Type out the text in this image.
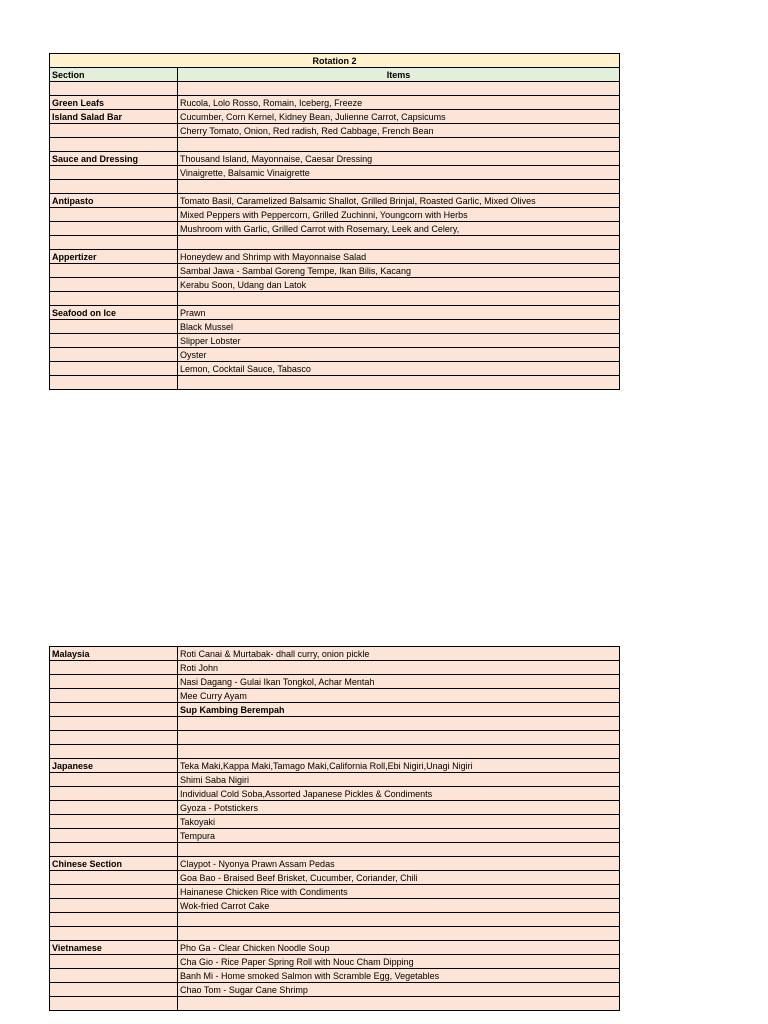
Rotation 2	
Section	Items

Green Leafs	Rucola, Lolo Rosso, Romain, Iceberg, Freeze
Island Salad Bar	Cucumber, Corn Kernel, Kidney Bean, Julienne Carrot, Capsicums
	Cherry Tomato, Onion, Red radish, Red Cabbage, French Bean

Sauce and Dressing	Thousand Island, Mayonnaise, Caesar Dressing
	Vinaigrette, Balsamic Vinaigrette

Antipasto	Tomato Basil, Caramelized Balsamic Shallot, Grilled Brinjal, Roasted Garlic, Mixed Olives
	Mixed Peppers with Peppercorn, Grilled Zuchinni, Youngcorn with Herbs
	Mushroom with Garlic, Grilled Carrot with Rosemary, Leek and Celery,

Appertizer	Honeydew and Shrimp with Mayonnaise Salad
	Sambal Jawa - Sambal Goreng Tempe, Ikan Bilis, Kacang
	Kerabu Soon, Udang dan Latok

Seafood on Ice	Prawn
	Black Mussel
	Slipper Lobster
	Oyster
	Lemon, Cocktail Sauce, Tabasco

Malaysia	Roti Canai & Murtabak- dhall curry, onion pickle
	Roti John
	Nasi Dagang - Gulai Ikan Tongkol, Achar Mentah
	Mee Curry Ayam
	Sup Kambing Berempah

Japanese	Teka Maki,Kappa Maki,Tamago Maki,California Roll,Ebi Nigiri,Unagi Nigiri
	Shimi Saba Nigiri
	Individual Cold Soba,Assorted Japanese Pickles & Condiments
	Gyoza - Potstickers
	Takoyaki
	Tempura

Chinese Section	Claypot - Nyonya Prawn Assam Pedas
	Goa Bao - Braised Beef Brisket, Cucumber, Coriander, Chili
	Hainanese Chicken Rice with Condiments
	Wok-fried Carrot Cake

Vietnamese	Pho Ga - Clear Chicken Noodle Soup
	Cha Gio - Rice Paper Spring Roll with Nouc Cham Dipping
	Banh Mi - Home smoked Salmon with Scramble Egg, Vegetables
	Chao Tom - Sugar Cane Shrimp
